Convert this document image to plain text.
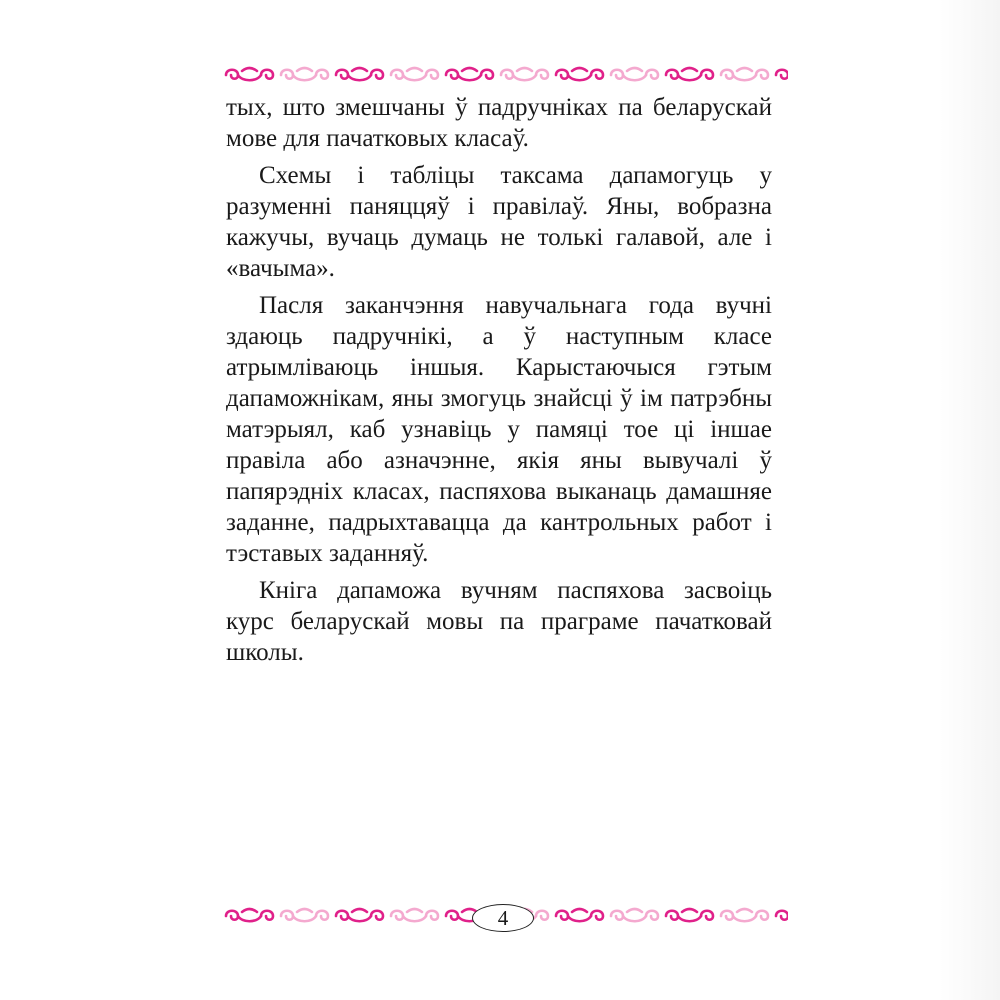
тых, што змешчаны ў падручніках па беларускай мове для пачатковых класаў.

Схемы і табліцы таксама дапамогуць у разуменні паняццяў і правілаў. Яны, вобразна кажучы, вучаць думаць не толькі галавой, але і «вачыма».

Пасля заканчэння навучальнага года вучні здаюць падручнікі, а ў наступным класе атрымліваюць іншыя. Карыстаючыся гэтым дапаможнікам, яны змогуць знайсці ў ім патрэбны матэрыял, каб узнавіць у памяці тое ці іншае правіла або азначэнне, якія яны вывучалі ў папярэдніх класах, паспяхова выканаць дамашняе заданне, падрыхтавацца да кантрольных работ і тэставых заданняў.

Кніга дапаможа вучням паспяхова засвоіць курс беларускай мовы па праграме пачатковай школы.

4
